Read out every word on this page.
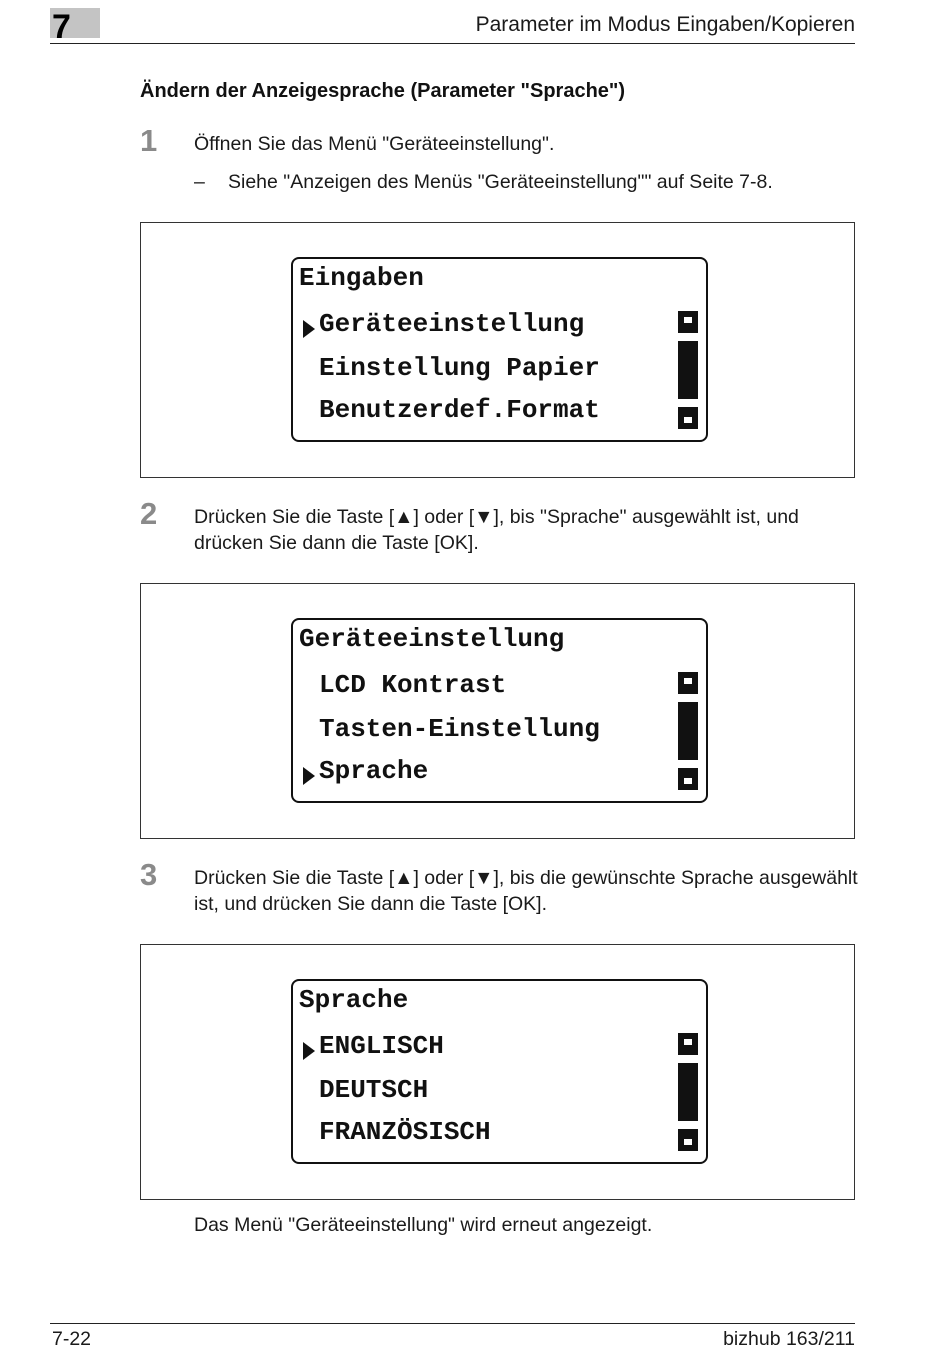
7	Parameter im Modus Eingaben/Kopieren
Ändern der Anzeigesprache (Parameter "Sprache")
1 Öffnen Sie das Menü "Geräteeinstellung".
– Siehe "Anzeigen des Menüs "Geräteeinstellung"" auf Seite 7-8.
Eingaben
Geräteeinstellung
Einstellung Papier
Benutzerdef.Format
2 Drücken Sie die Taste [▲] oder [▼], bis "Sprache" ausgewählt ist, und drücken Sie dann die Taste [OK].
Geräteeinstellung
LCD Kontrast
Tasten-Einstellung
Sprache
3 Drücken Sie die Taste [▲] oder [▼], bis die gewünschte Sprache ausgewählt ist, und drücken Sie dann die Taste [OK].
Sprache
ENGLISCH
DEUTSCH
FRANZÖSISCH
Das Menü "Geräteeinstellung" wird erneut angezeigt.
7-22	bizhub 163/211
